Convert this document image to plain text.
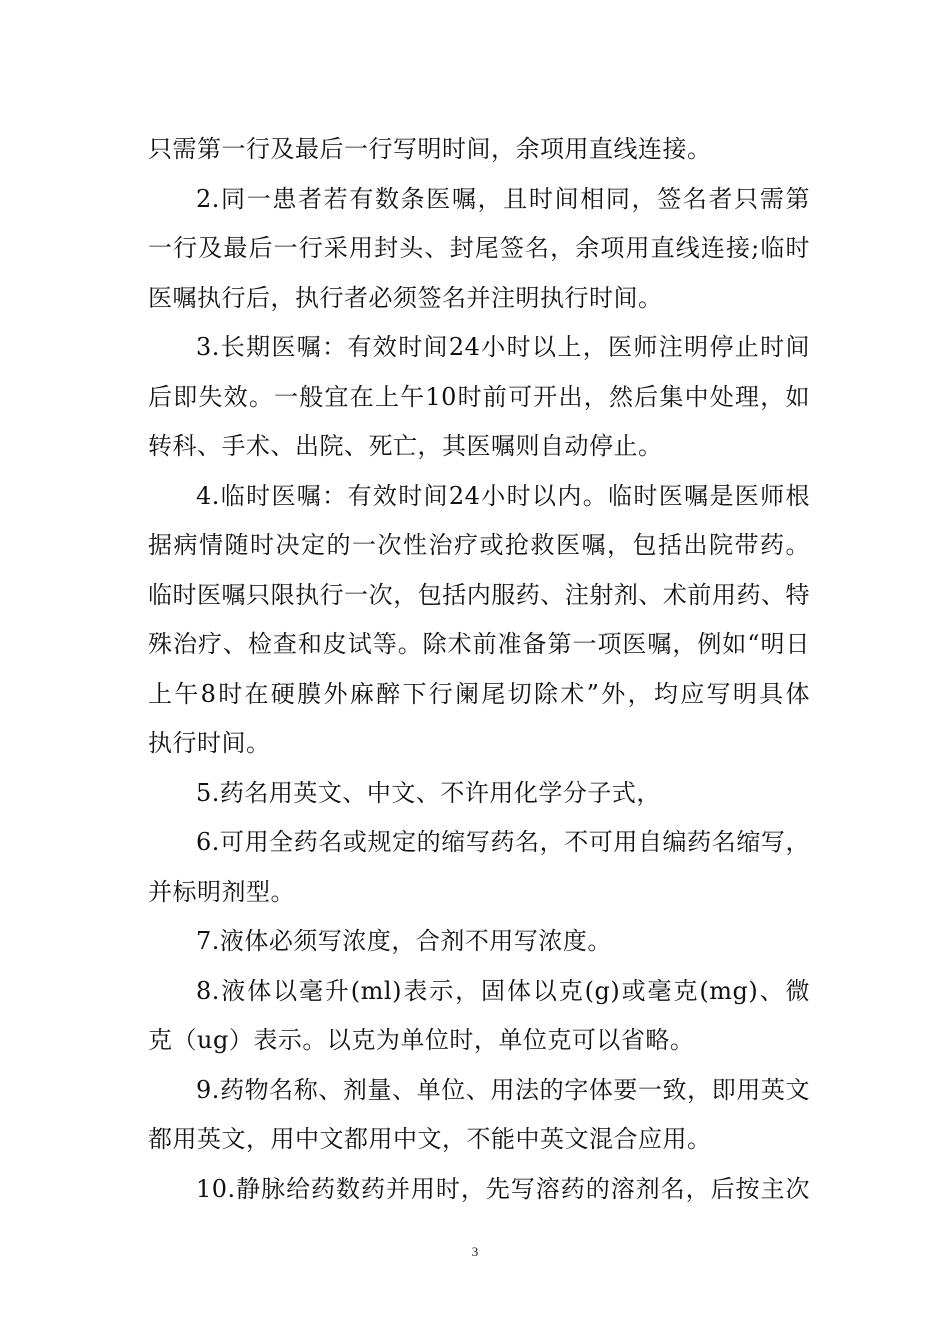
只需第一行及最后一行写明时间，余项用直线连接。
2.同一患者若有数条医嘱，且时间相同，签名者只需第
一行及最后一行采用封头、封尾签名，余项用直线连接;临时
医嘱执行后，执行者必须签名并注明执行时间。
3.长期医嘱：有效时间24小时以上，医师注明停止时间
后即失效。一般宜在上午10时前可开出，然后集中处理，如
转科、手术、出院、死亡，其医嘱则自动停止。
4.临时医嘱：有效时间24小时以内。临时医嘱是医师根
据病情随时决定的一次性治疗或抢救医嘱，包括出院带药。
临时医嘱只限执行一次，包括内服药、注射剂、术前用药、特
殊治疗、检查和皮试等。除术前准备第一项医嘱，例如“明日
上午8时在硬膜外麻醉下行阑尾切除术”外，均应写明具体
执行时间。
5.药名用英文、中文、不许用化学分子式，
6.可用全药名或规定的缩写药名，不可用自编药名缩写，
并标明剂型。
7.液体必须写浓度，合剂不用写浓度。
8.液体以毫升(ml)表示，固体以克(g)或毫克(mg)、微
克（ug）表示。以克为单位时，单位克可以省略。
9.药物名称、剂量、单位、用法的字体要一致，即用英文
都用英文，用中文都用中文，不能中英文混合应用。
10.静脉给药数药并用时，先写溶药的溶剂名，后按主次
3
